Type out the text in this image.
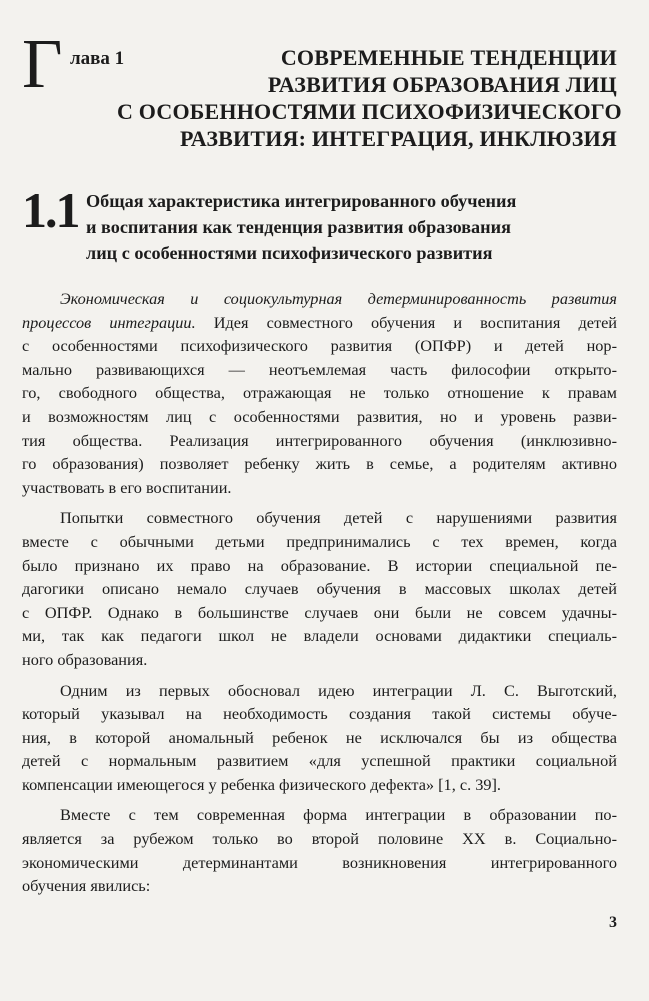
Г лава 1	СОВРЕМЕННЫЕ ТЕНДЕНЦИИ
РАЗВИТИЯ ОБРАЗОВАНИЯ ЛИЦ
С ОСОБЕННОСТЯМИ ПСИХОФИЗИЧЕСКОГО
РАЗВИТИЯ: ИНТЕГРАЦИЯ, ИНКЛЮЗИЯ
1.1 Общая характеристика интегрированного обучения
и воспитания как тенденция развития образования
лиц с особенностями психофизического развития

Экономическая и социокультурная детерминированность развития
процессов интеграции. Идея совместного обучения и воспитания детей
с особенностями психофизического развития (ОПФР) и детей нор-
мально развивающихся — неотъемлемая часть философии открыто-
го, свободного общества, отражающая не только отношение к правам
и возможностям лиц с особенностями развития, но и уровень разви-
тия общества. Реализация интегрированного обучения (инклюзивно-
го образования) позволяет ребенку жить в семье, а родителям активно
участвовать в его воспитании.

Попытки совместного обучения детей с нарушениями развития
вместе с обычными детьми предпринимались с тех времен, когда
было признано их право на образование. В истории специальной пе-
дагогики описано немало случаев обучения в массовых школах детей
с ОПФР. Однако в большинстве случаев они были не совсем удачны-
ми, так как педагоги школ не владели основами дидактики специаль-
ного образования.

Одним из первых обосновал идею интеграции Л. С. Выготский,
который указывал на необходимость создания такой системы обуче-
ния, в которой аномальный ребенок не исключался бы из общества
детей с нормальным развитием «для успешной практики социальной
компенсации имеющегося у ребенка физического дефекта» [1, с. 39].

Вместе с тем современная форма интеграции в образовании по-
является за рубежом только во второй половине XX в. Социально-
экономическими детерминантами возникновения интегрированного
обучения явились:

3
